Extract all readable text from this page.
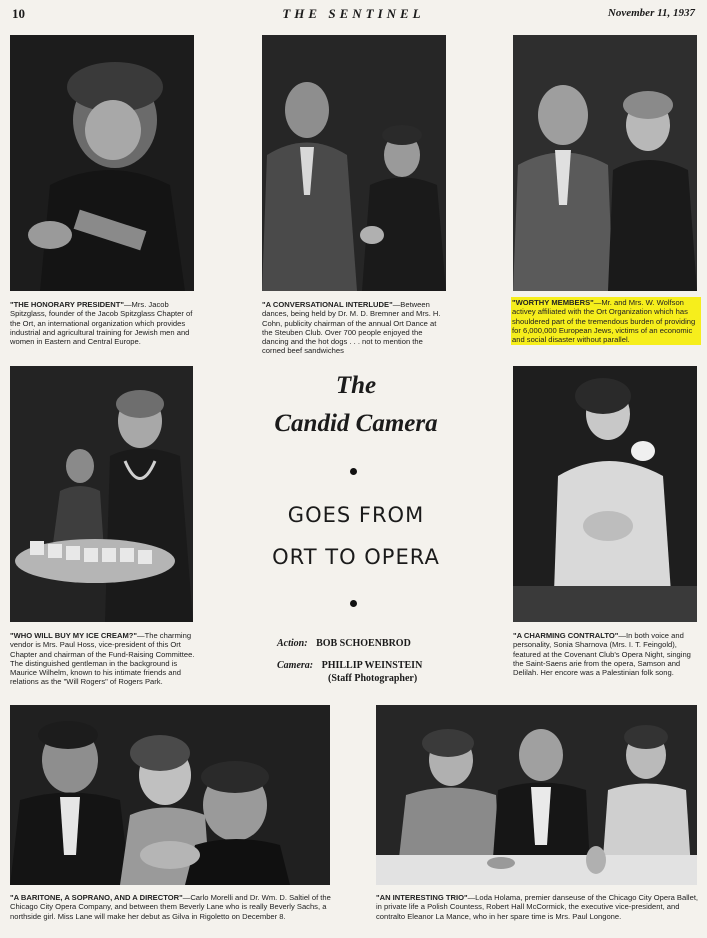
10	THE SENTINEL	November 11, 1937
"THE HONORARY PRESIDENT"—Mrs. Jacob Spitzglass, founder of the Jacob Spitzglass Chapter of the Ort, an international organization which provides industrial and agricultural training for Jewish men and women in Eastern and Central Europe.
"A CONVERSATIONAL INTERLUDE"—Between dances, being held by Dr. M. D. Bremner and Mrs. H. Cohn, publicity chairman of the annual Ort Dance at the Steuben Club. Over 700 people enjoyed the dancing and the hot dogs . . . not to mention the corned beef sandwiches
"WORTHY MEMBERS"—Mr. and Mrs. W. Wolfson activey affiliated with the Ort Organization which has shouldered part of the tremendous burden of providing for 6,000,000 European Jews, victims of an economic and social disaster without parallel.
"WHO WILL BUY MY ICE CREAM?"—The charming vendor is Mrs. Paul Hoss, vice-president of this Ort Chapter and chairman of the Fund-Raising Committee. The distinguished gentleman in the background is Maurice Wilhelm, known to his intimate friends and relations as the "Will Rogers" of Rogers Park.
The
Candid Camera
GOES FROM
ORT TO OPERA
Action: BOB SCHOENBROD
Camera: PHILLIP WEINSTEIN
(Staff Photographer)
"A CHARMING CONTRALTO"—In both voice and personality, Sonia Sharnova (Mrs. I. T. Feingold), featured at the Covenant Club's Opera Night, singing the Saint-Saens arie from the opera, Samson and Delilah. Her encore was a Palestinian folk song.
"A BARITONE, A SOPRANO, AND A DIRECTOR"—Carlo Morelli and Dr. Wm. D. Saltiel of the Chicago City Opera Company, and between them Beverly Lane who is really Beverly Sachs, a northside girl. Miss Lane will make her debut as Gilva in Rigoletto on December 8.
"AN INTERESTING TRIO"—Loda Holama, premier danseuse of the Chicago City Opera Ballet, in private life a Polish Countess, Robert Hall McCormick, the executive vice-president, and contralto Eleanor La Mance, who in her spare time is Mrs. Paul Longone.
